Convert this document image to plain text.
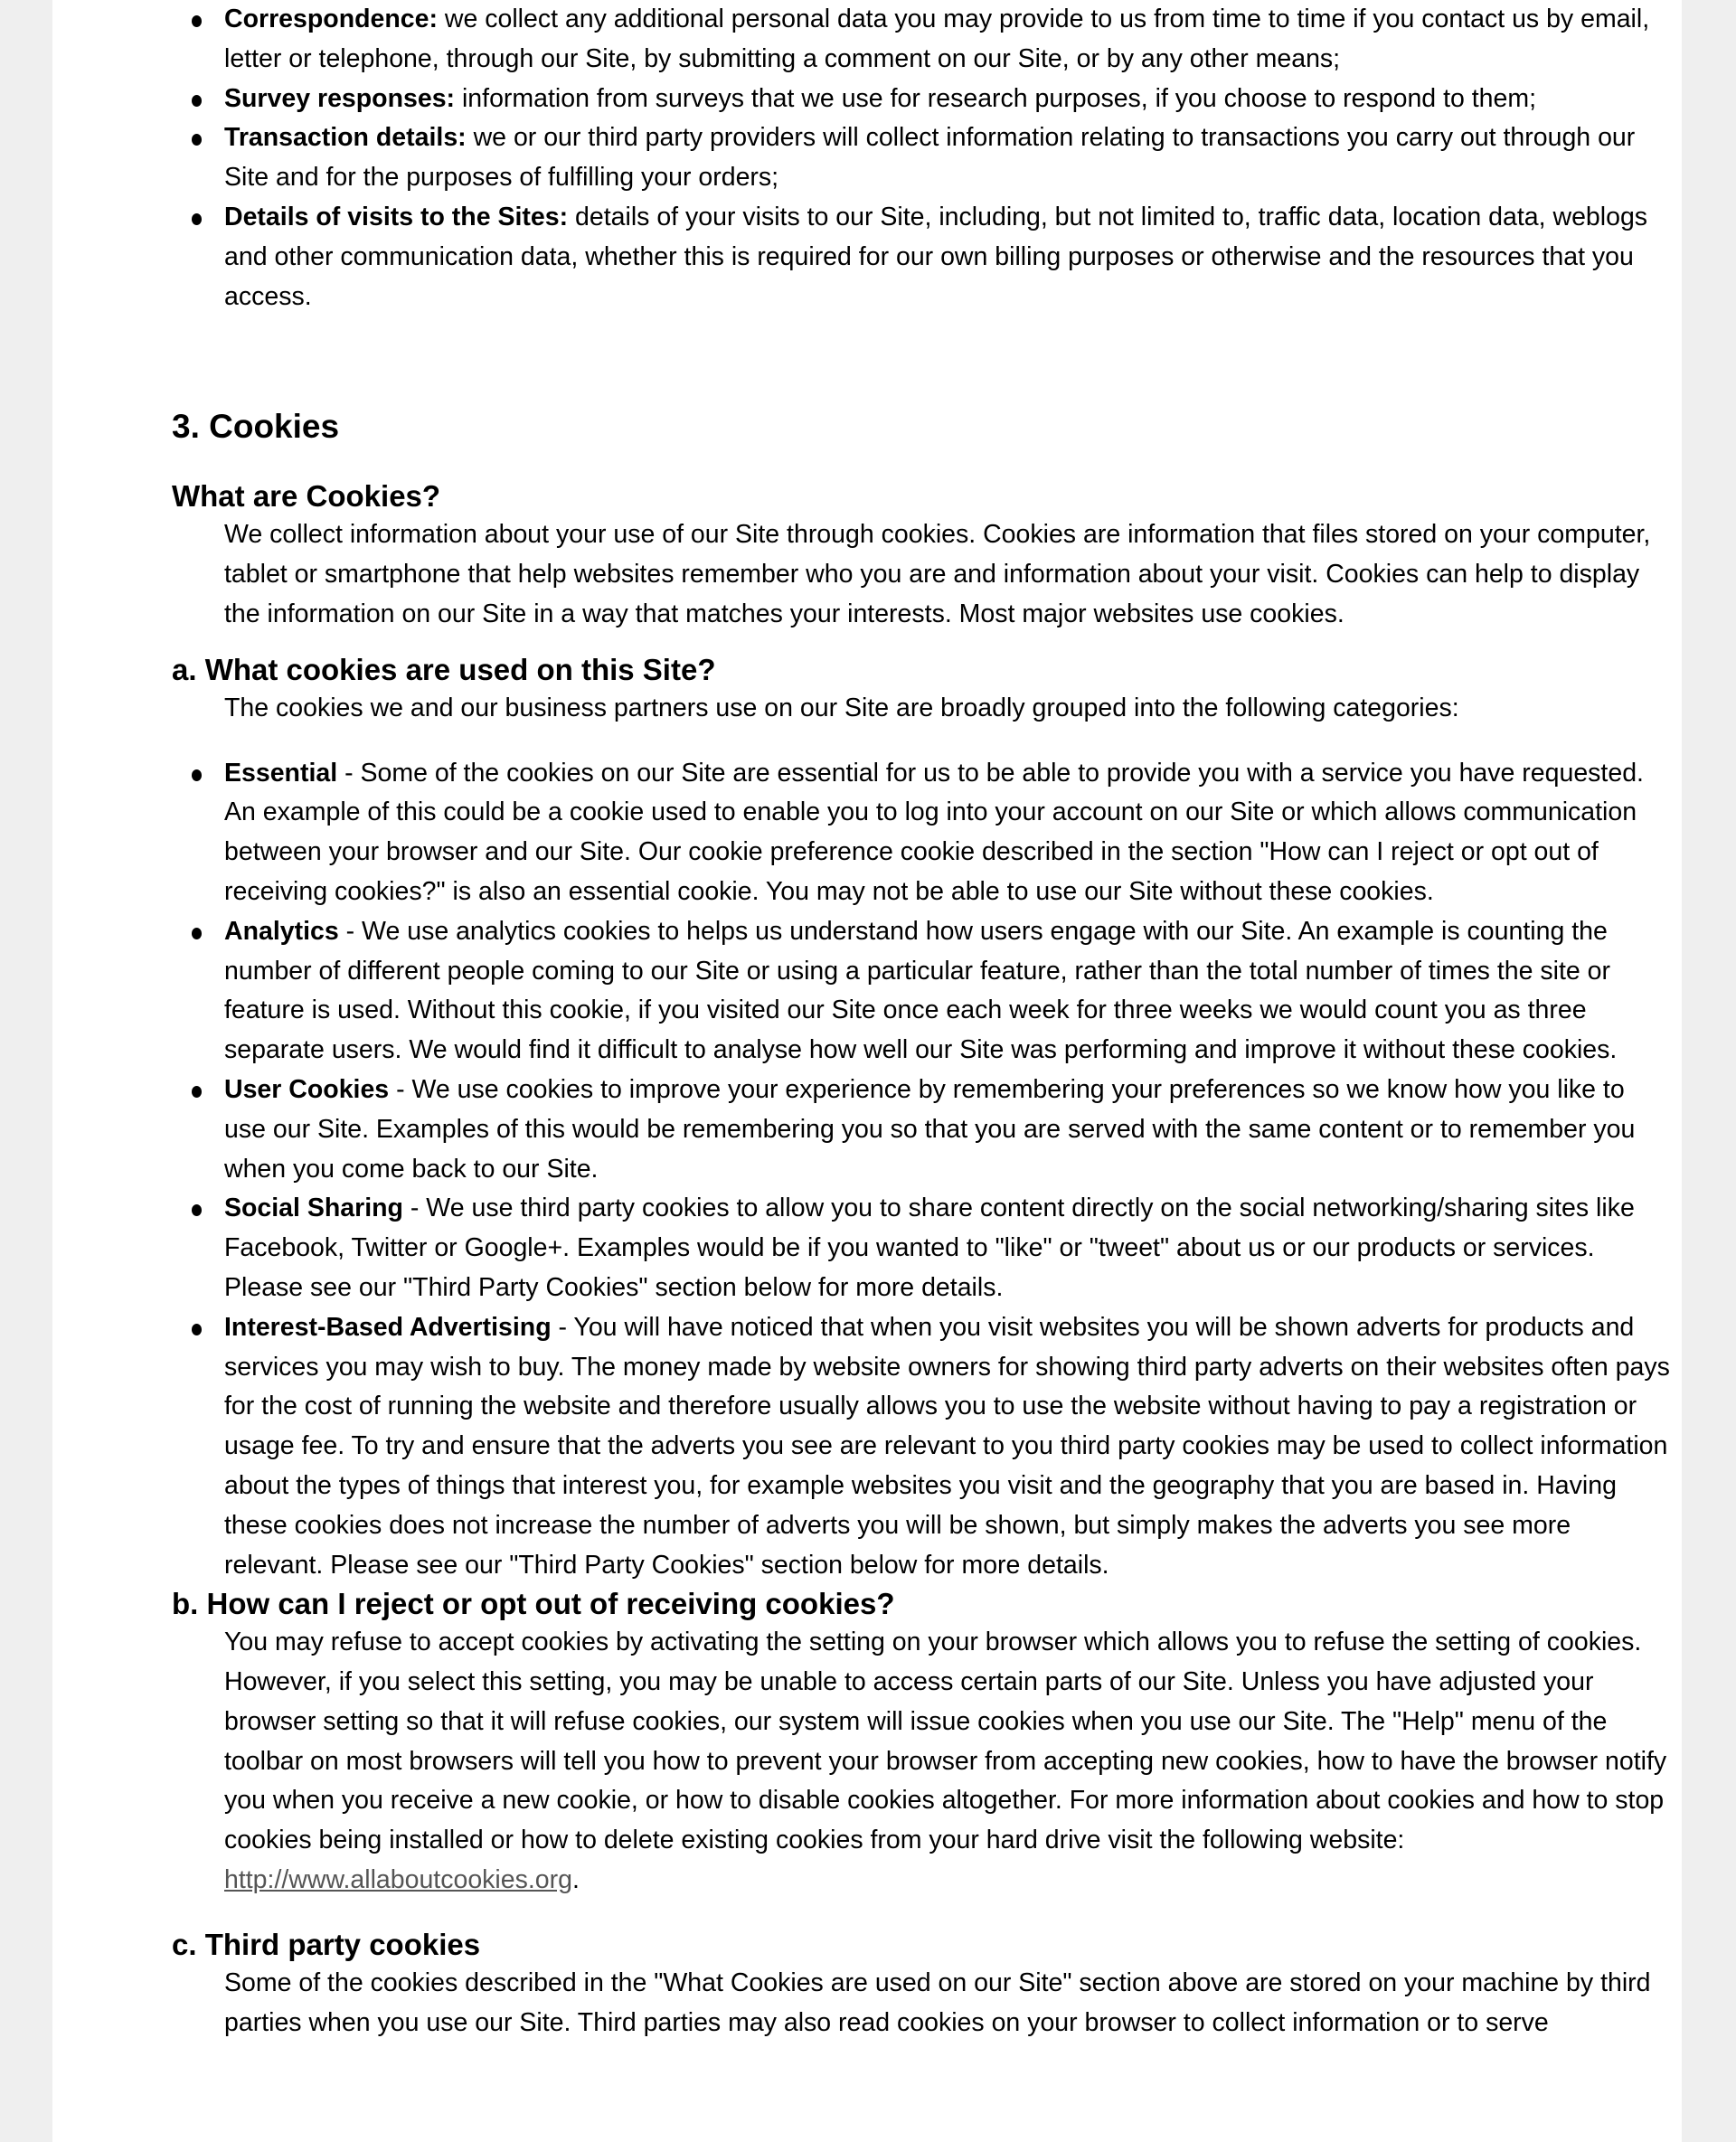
Correspondence: we collect any additional personal data you may provide to us from time to time if you contact us by email, letter or telephone, through our Site, by submitting a comment on our Site, or by any other means;
Survey responses: information from surveys that we use for research purposes, if you choose to respond to them;
Transaction details: we or our third party providers will collect information relating to transactions you carry out through our Site and for the purposes of fulfilling your orders;
Details of visits to the Sites: details of your visits to our Site, including, but not limited to, traffic data, location data, weblogs and other communication data, whether this is required for our own billing purposes or otherwise and the resources that you access.
3. Cookies
What are Cookies?
We collect information about your use of our Site through cookies. Cookies are information that files stored on your computer, tablet or smartphone that help websites remember who you are and information about your visit. Cookies can help to display the information on our Site in a way that matches your interests. Most major websites use cookies.
a. What cookies are used on this Site?
The cookies we and our business partners use on our Site are broadly grouped into the following categories:
Essential - Some of the cookies on our Site are essential for us to be able to provide you with a service you have requested. An example of this could be a cookie used to enable you to log into your account on our Site or which allows communication between your browser and our Site. Our cookie preference cookie described in the section "How can I reject or opt out of receiving cookies?" is also an essential cookie. You may not be able to use our Site without these cookies.
Analytics - We use analytics cookies to helps us understand how users engage with our Site. An example is counting the number of different people coming to our Site or using a particular feature, rather than the total number of times the site or feature is used. Without this cookie, if you visited our Site once each week for three weeks we would count you as three separate users. We would find it difficult to analyse how well our Site was performing and improve it without these cookies.
User Cookies - We use cookies to improve your experience by remembering your preferences so we know how you like to use our Site. Examples of this would be remembering you so that you are served with the same content or to remember you when you come back to our Site.
Social Sharing - We use third party cookies to allow you to share content directly on the social networking/sharing sites like Facebook, Twitter or Google+. Examples would be if you wanted to "like" or "tweet" about us or our products or services. Please see our "Third Party Cookies" section below for more details.
Interest-Based Advertising - You will have noticed that when you visit websites you will be shown adverts for products and services you may wish to buy. The money made by website owners for showing third party adverts on their websites often pays for the cost of running the website and therefore usually allows you to use the website without having to pay a registration or usage fee. To try and ensure that the adverts you see are relevant to you third party cookies may be used to collect information about the types of things that interest you, for example websites you visit and the geography that you are based in. Having these cookies does not increase the number of adverts you will be shown, but simply makes the adverts you see more relevant. Please see our "Third Party Cookies" section below for more details.
b. How can I reject or opt out of receiving cookies?
You may refuse to accept cookies by activating the setting on your browser which allows you to refuse the setting of cookies. However, if you select this setting, you may be unable to access certain parts of our Site. Unless you have adjusted your browser setting so that it will refuse cookies, our system will issue cookies when you use our Site. The "Help" menu of the toolbar on most browsers will tell you how to prevent your browser from accepting new cookies, how to have the browser notify you when you receive a new cookie, or how to disable cookies altogether. For more information about cookies and how to stop cookies being installed or how to delete existing cookies from your hard drive visit the following website: http://www.allaboutcookies.org.
c. Third party cookies
Some of the cookies described in the "What Cookies are used on our Site" section above are stored on your machine by third parties when you use our Site. Third parties may also read cookies on your browser to collect information or to serve
